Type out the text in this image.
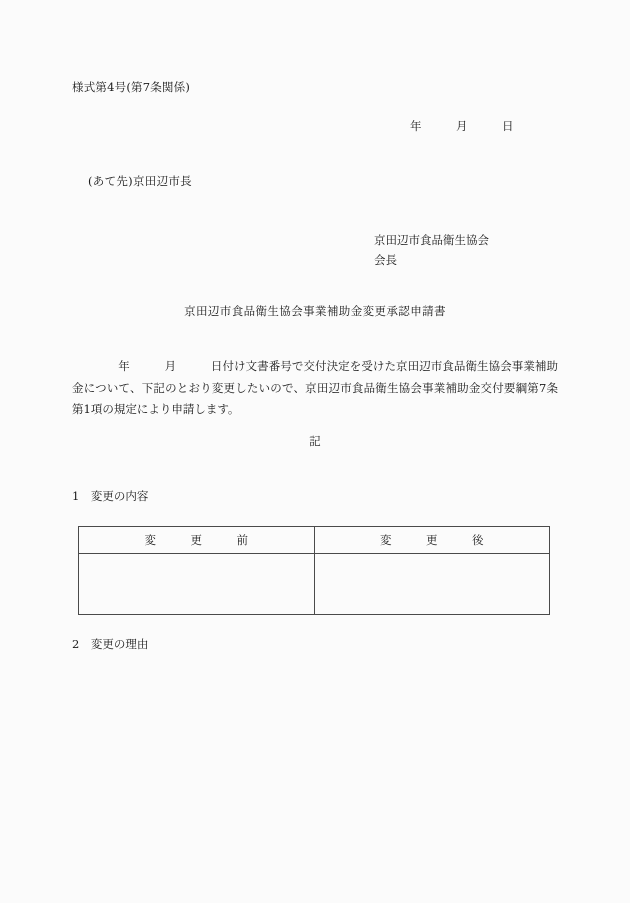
様式第4号(第7条関係)
年　　　月　　　日
(あて先)京田辺市長
京田辺市食品衛生協会
会長
京田辺市食品衛生協会事業補助金変更承認申請書
　　　　年　　　月　　　日付け文書番号で交付決定を受けた京田辺市食品衛生協会事業補助金について、下記のとおり変更したいので、京田辺市食品衛生協会事業補助金交付要綱第7条第1項の規定により申請します。
記
1　変更の内容
変　　　更　　　前	変　　　更　　　後

2　変更の理由
